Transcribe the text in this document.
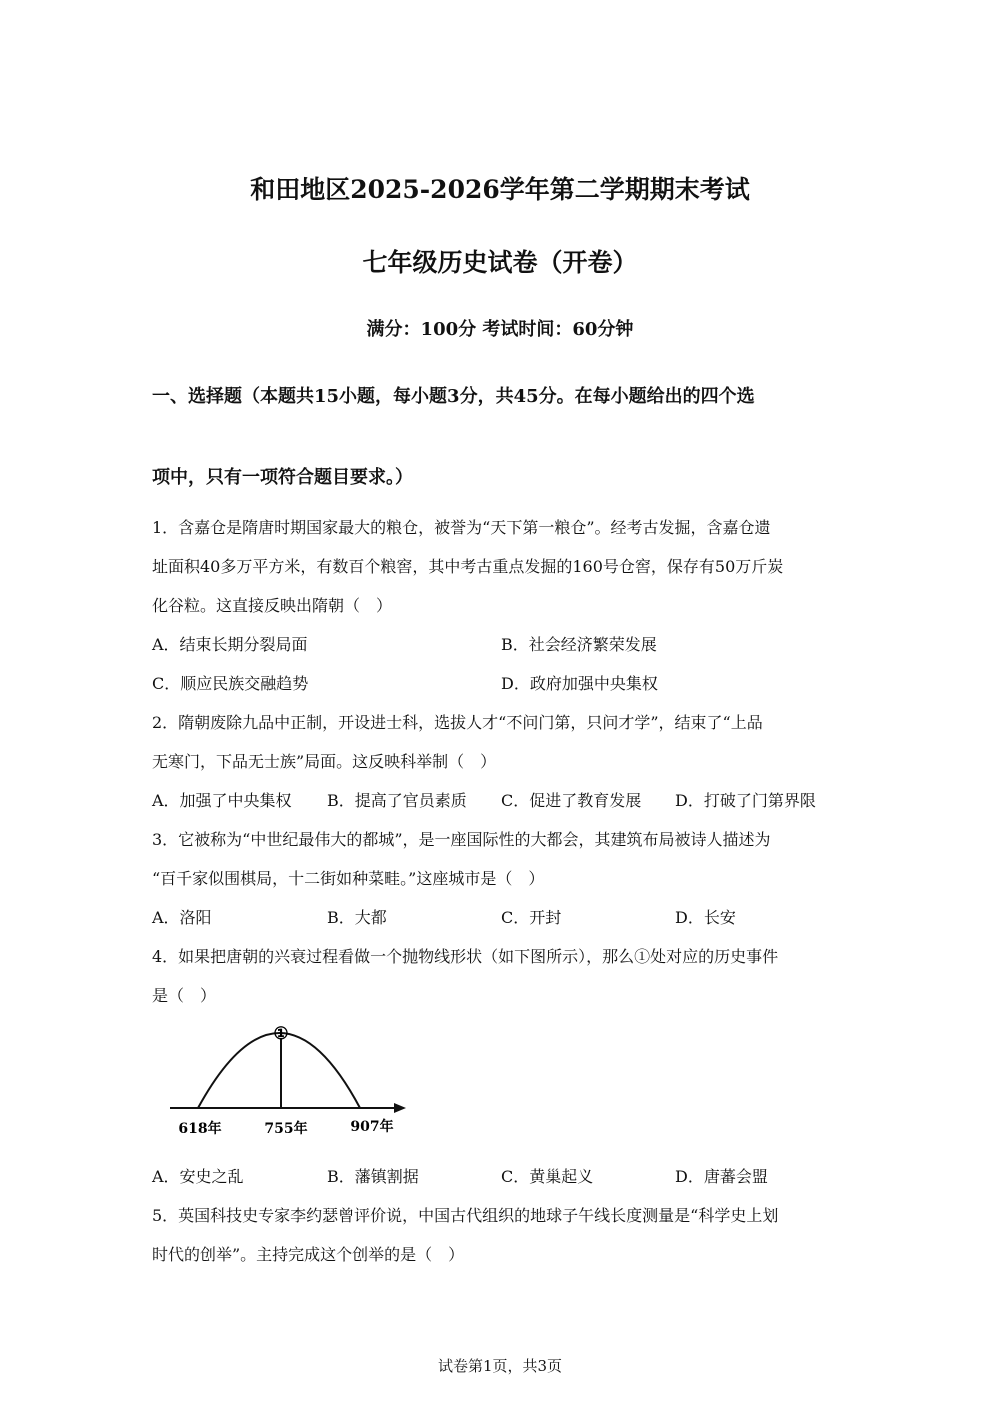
和田地区2025-2026学年第二学期期末考试
七年级历史试卷（开卷）
满分：100分 考试时间：60分钟
一、选择题（本题共15小题，每小题3分，共45分。在每小题给出的四个选
项中，只有一项符合题目要求。）
1．含嘉仓是隋唐时期国家最大的粮仓，被誉为“天下第一粮仓”。经考古发掘，含嘉仓遗
址面积40多万平方米，有数百个粮窖，其中考古重点发掘的160号仓窖，保存有50万斤炭
化谷粒。这直接反映出隋朝（　）
A．结束长期分裂局面	B．社会经济繁荣发展
C．顺应民族交融趋势	D．政府加强中央集权
2．隋朝废除九品中正制，开设进士科，选拔人才“不问门第，只问才学”，结束了“上品
无寒门，下品无士族”局面。这反映科举制（　）
A．加强了中央集权 B．提高了官员素质 C．促进了教育发展 D．打破了门第界限
3．它被称为“中世纪最伟大的都城”，是一座国际性的大都会，其建筑布局被诗人描述为
“百千家似围棋局，十二街如种菜畦。”这座城市是（　）
A．洛阳	B．大都	C．开封	D．长安
4．如果把唐朝的兴衰过程看做一个抛物线形状（如下图所示），那么①处对应的历史事件
是（　）
①
618年	755年	907年
A．安史之乱	B．藩镇割据	C．黄巢起义	D．唐蕃会盟
5．英国科技史专家李约瑟曾评价说，中国古代组织的地球子午线长度测量是“科学史上划
时代的创举”。主持完成这个创举的是（　）
试卷第1页，共3页
